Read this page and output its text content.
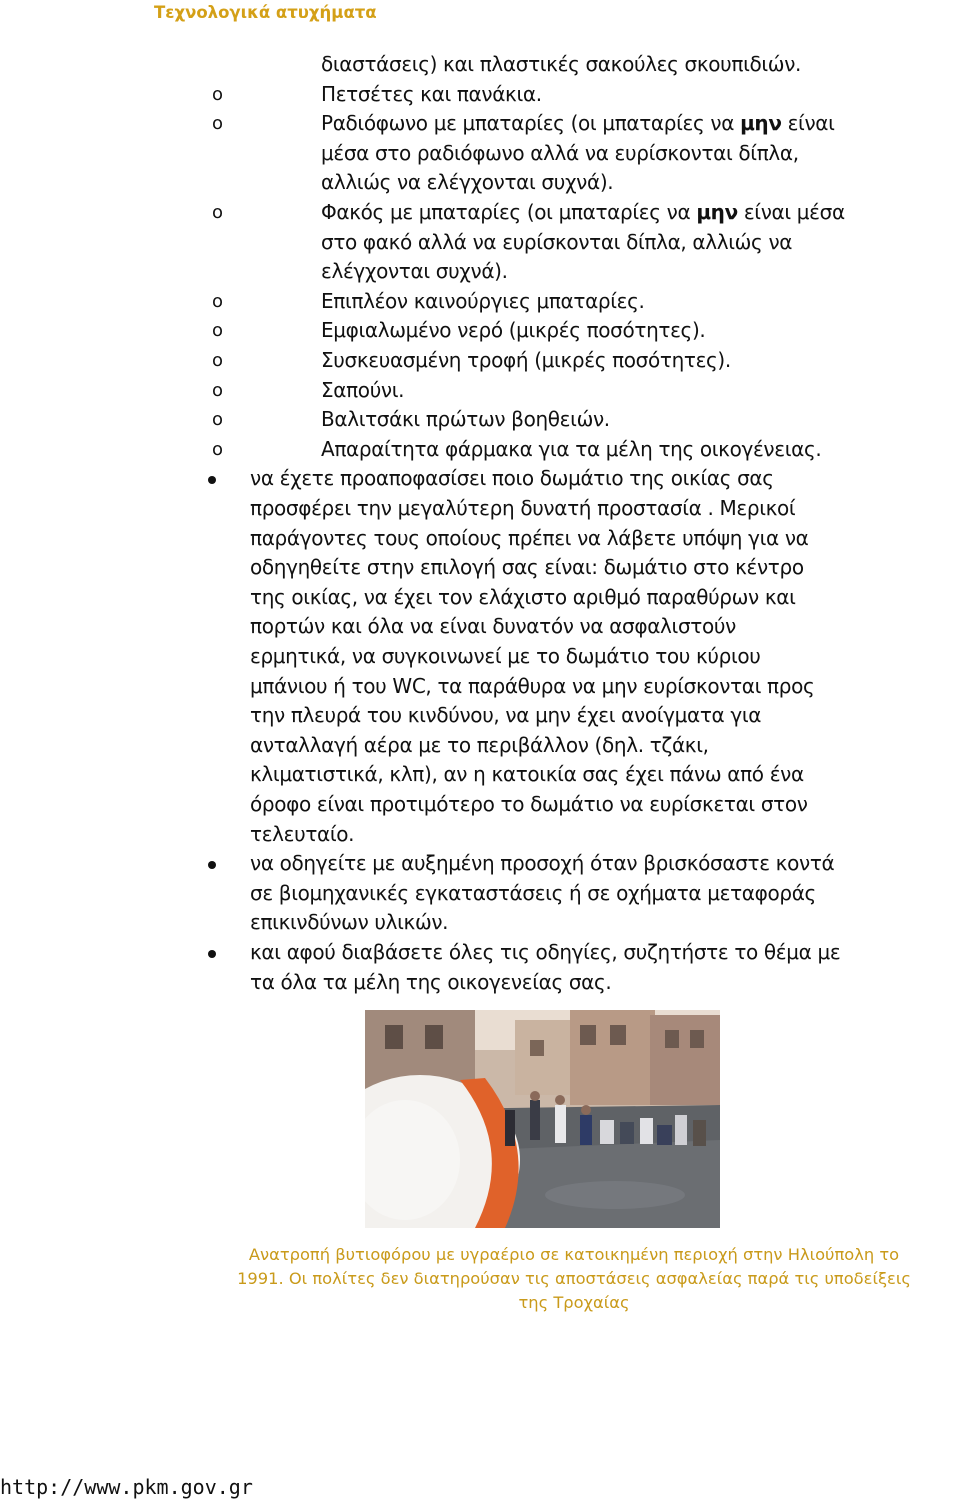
Τεχνολογικά ατυχήματα
διαστάσεις) και πλαστικές σακούλες σκουπιδιών.
o	Πετσέτες και πανάκια.
o	Ραδιόφωνο με μπαταρίες (οι μπαταρίες να μην είναι
μέσα στο ραδιόφωνο αλλά να ευρίσκονται δίπλα,
αλλιώς να ελέγχονται συχνά).
o	Φακός με μπαταρίες (οι μπαταρίες να μην είναι μέσα
στο φακό αλλά να ευρίσκονται δίπλα, αλλιώς να
ελέγχονται συχνά).
o	Επιπλέον καινούργιες μπαταρίες.
o	Εμφιαλωμένο νερό (μικρές ποσότητες).
o	Συσκευασμένη τροφή (μικρές ποσότητες).
o	Σαπούνι.
o	Βαλιτσάκι πρώτων βοηθειών.
o	Απαραίτητα φάρμακα για τα μέλη της οικογένειας.
να έχετε προαποφασίσει ποιο δωμάτιο της οικίας σας
προσφέρει την μεγαλύτερη δυνατή προστασία . Μερικοί
παράγοντες τους οποίους πρέπει να λάβετε υπόψη για να
οδηγηθείτε στην επιλογή σας είναι: δωμάτιο στο κέντρο
της οικίας, να έχει τον ελάχιστο αριθμό παραθύρων και
πορτών και όλα να είναι δυνατόν να ασφαλιστούν
ερμητικά, να συγκοινωνεί με το δωμάτιο του κύριου
μπάνιου ή του WC, τα παράθυρα να μην ευρίσκονται προς
την πλευρά του κινδύνου, να μην έχει ανοίγματα για
ανταλλαγή αέρα με το περιβάλλον (δηλ. τζάκι,
κλιματιστικά, κλπ), αν η κατοικία σας έχει πάνω από ένα
όροφο είναι προτιμότερο το δωμάτιο να ευρίσκεται στον
τελευταίο.
να οδηγείτε με αυξημένη προσοχή όταν βρισκόσαστε κοντά
σε βιομηχανικές εγκαταστάσεις ή σε οχήματα μεταφοράς
επικινδύνων υλικών.
και αφού διαβάσετε όλες τις οδηγίες, συζητήστε το θέμα με
τα όλα τα μέλη της οικογενείας σας.
Ανατροπή βυτιοφόρου με υγραέριο σε κατοικημένη περιοχή στην Ηλιούπολη το
1991. Οι πολίτες δεν διατηρούσαν τις αποστάσεις ασφαλείας παρά τις υποδείξεις
της Τροχαίας
http://www.pkm.gov.gr
